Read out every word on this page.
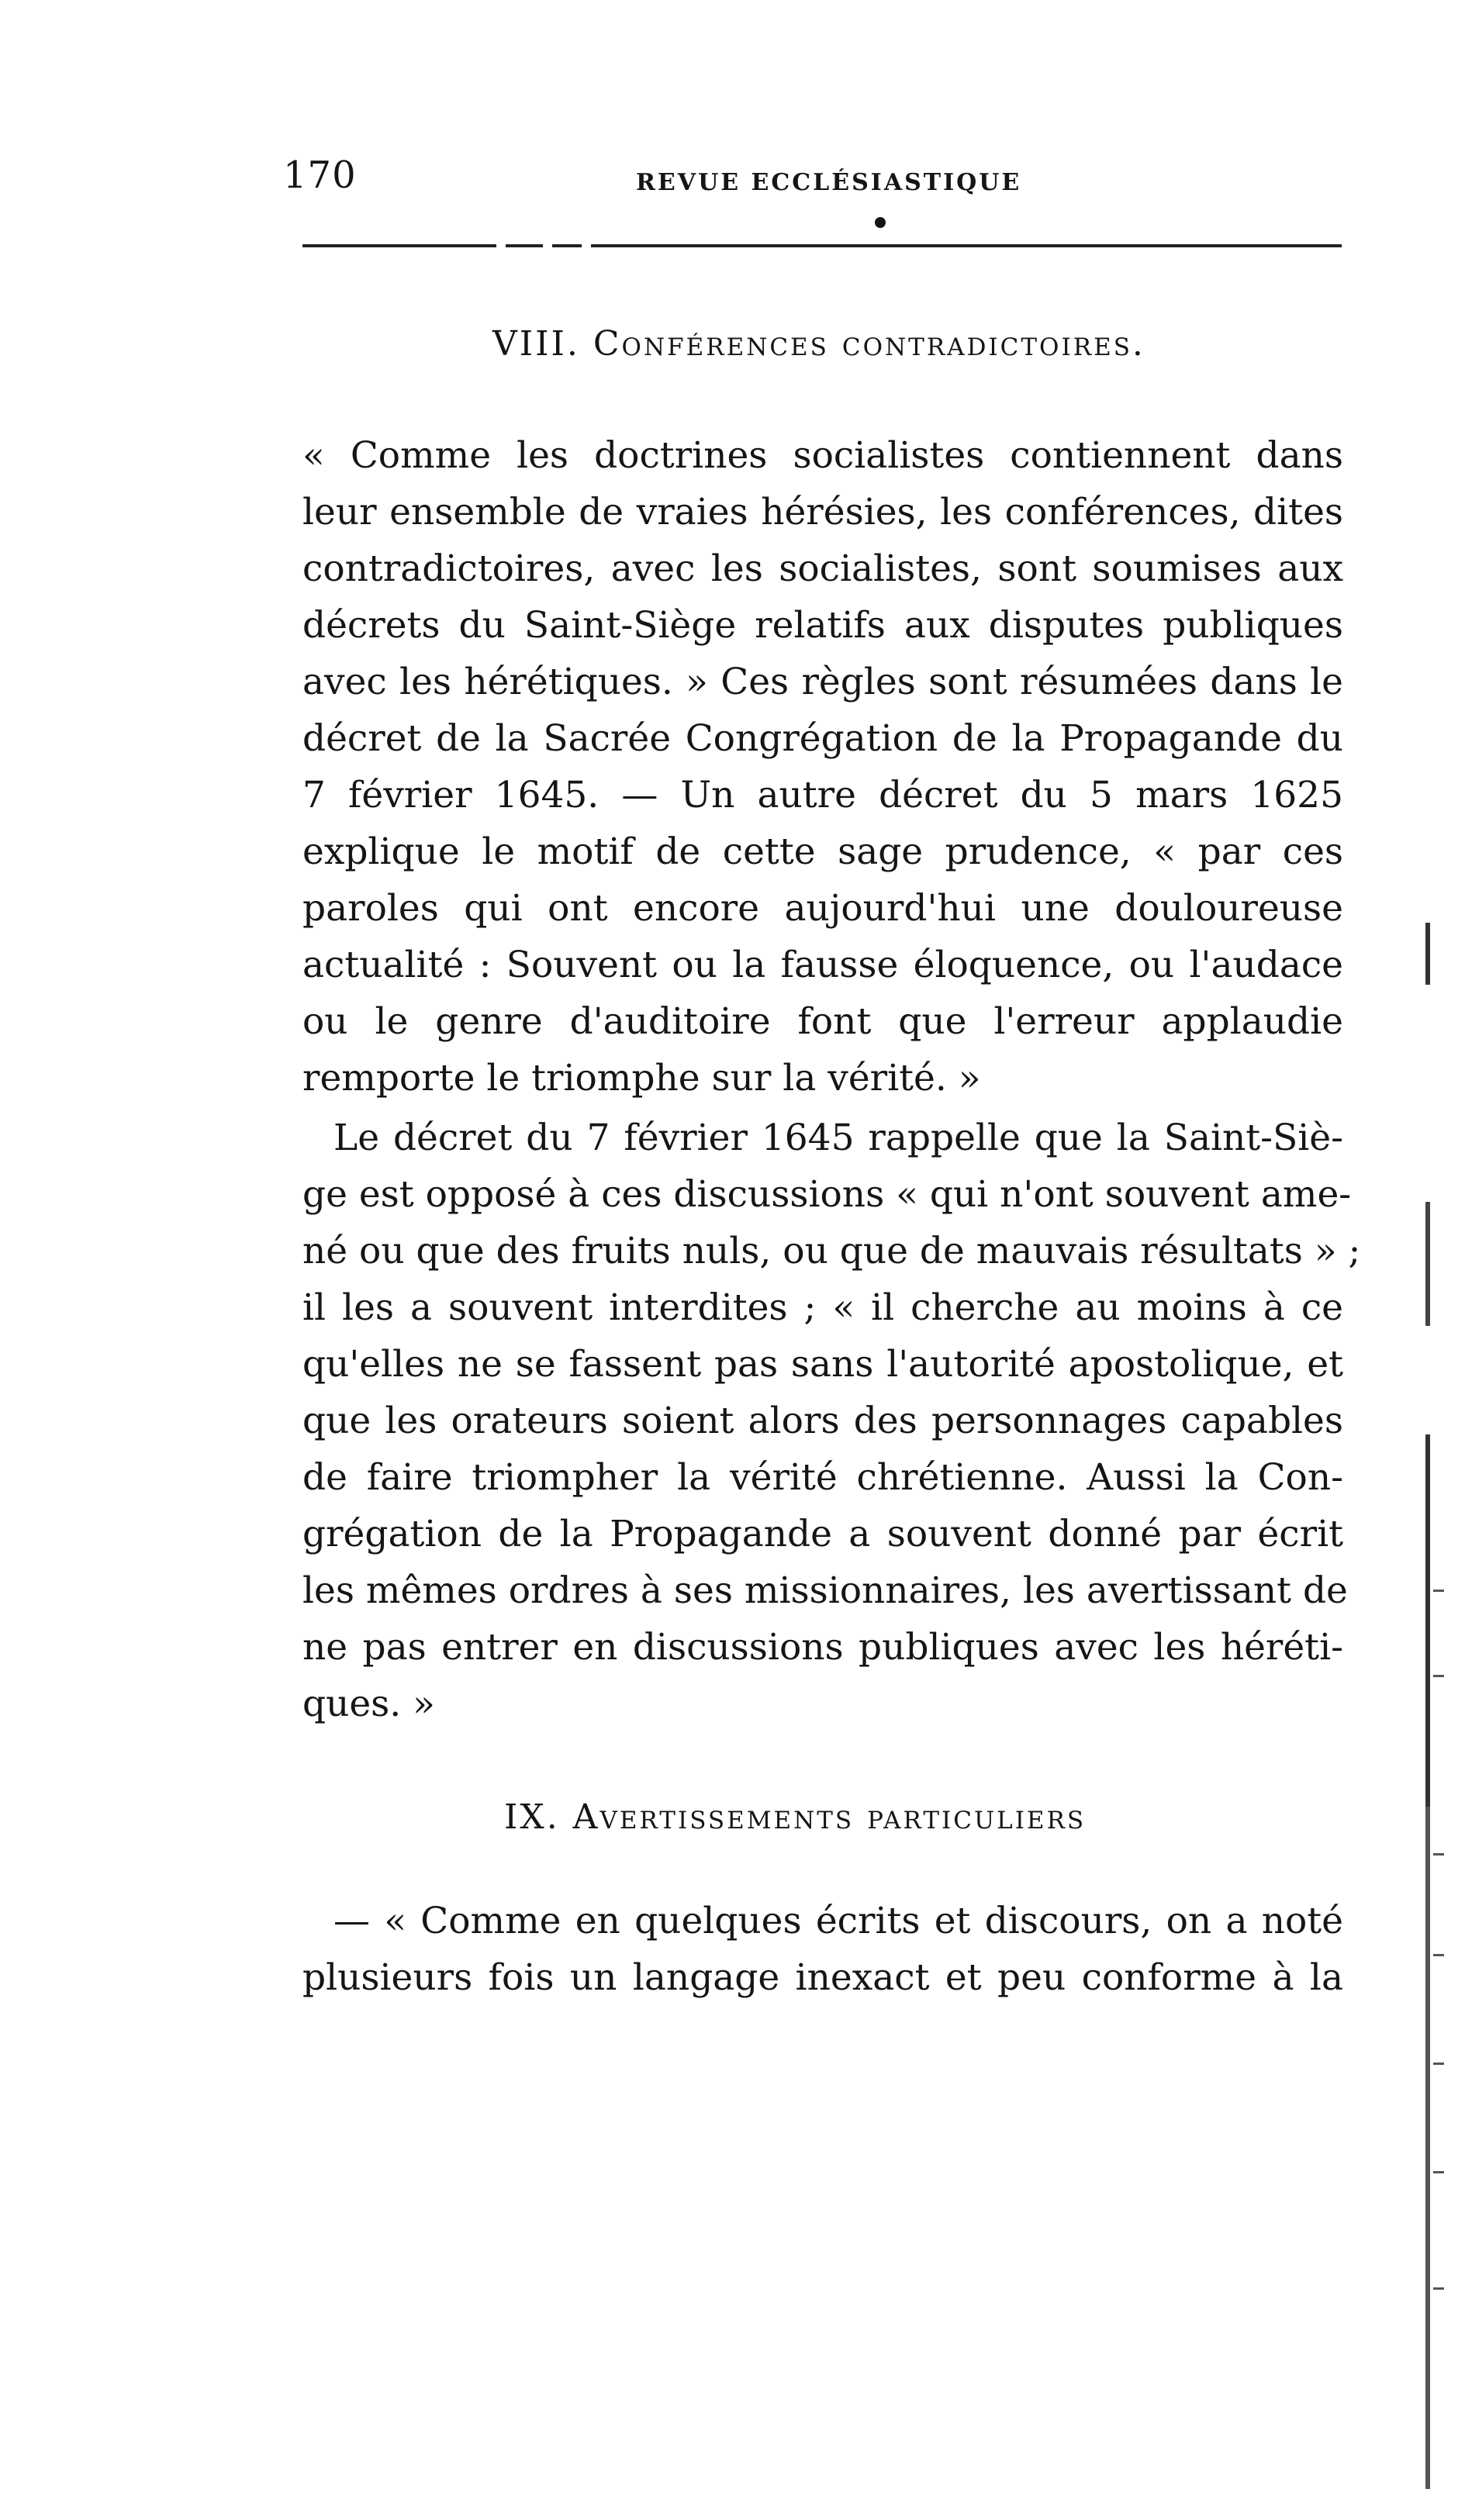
170	REVUE ECCLÉSIASTIQUE
VIII. Conférences contradictoires.
« Comme les doctrines socialistes contiennent dans
leur ensemble de vraies hérésies, les conférences, dites
contradictoires, avec les socialistes, sont soumises aux
décrets du Saint-Siège relatifs aux disputes publiques
avec les hérétiques. » Ces règles sont résumées dans le
décret de la Sacrée Congrégation de la Propagande du
7 février 1645. — Un autre décret du 5 mars 1625
explique le motif de cette sage prudence, « par ces
paroles qui ont encore aujourd'hui une douloureuse
actualité : Souvent ou la fausse éloquence, ou l'audace
ou le genre d'auditoire font que l'erreur applaudie
remporte le triomphe sur la vérité. »
Le décret du 7 février 1645 rappelle que la Saint-Siè-
ge est opposé à ces discussions « qui n'ont souvent ame-
né ou que des fruits nuls, ou que de mauvais résultats » ;
il les a souvent interdites ; « il cherche au moins à ce
qu'elles ne se fassent pas sans l'autorité apostolique, et
que les orateurs soient alors des personnages capables
de faire triompher la vérité chrétienne. Aussi la Con-
grégation de la Propagande a souvent donné par écrit
les mêmes ordres à ses missionnaires, les avertissant de
ne pas entrer en discussions publiques avec les héréti-
ques. »
IX. Avertissements particuliers
— « Comme en quelques écrits et discours, on a noté
plusieurs fois un langage inexact et peu conforme à la
